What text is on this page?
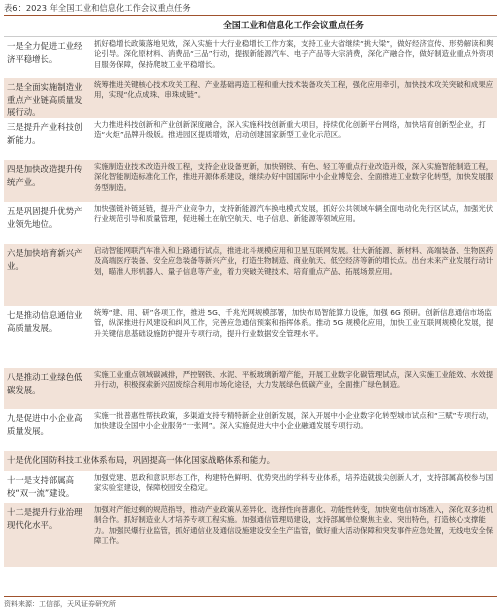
表6：2023 年全国工业和信息化工作会议重点任务
全国工业和信息化工作会议重点任务
一是全力促进工业经济平稳增长。
抓好稳增长政策落地见效，深入实施十大行业稳增长工作方案，支持工业大省继续“挑大梁”，做好经济宣传、形势解读和舆论引导。深化原材料、消费品“三品”行动，提振新能源汽车、电子产品等大宗消费，深化产融合作，做好制造业重点外资项目服务保障，保持爬坡工业平稳增长。
二是全面实施制造业重点产业链高质量发展行动。
统筹推进关键核心技术攻关工程、产业基础再造工程和重大技术装备攻关工程，强化应用牵引，加快技术攻关突破和成果应用，实现“化点成珠、串珠成链”。
三是提升产业科技创新能力。
大力推进科技创新和产业创新深度融合，深入实施科技创新重大项目，持续优化创新平台网络，加快培育创新型企业，打造“火炬”品牌升级版。推进园区提质增效，启动创建国家新型工业化示范区。
四是加快改造提升传统产业。
实施制造业技术改造升级工程，支持企业设备更新，加快钢铁、有色、轻工等重点行业改造升级，深入实施智能制造工程，深化智能制造标准化工作，推进开源体系建设，继续办好中国国际中小企业博览会、全面推进工业数字化转型，加快发展服务型制造。
五是巩固提升优势产业领先地位。
加快强链补链延链，提升产业竞争力，支持新能源汽车换电模式发展，抓好公共领域车辆全面电动化先行区试点，加强光伏行业规范引导和质量管理，促进稀土在航空航天、电子信息、新能源等领域应用。
六是加快培育新兴产业。
启动智能网联汽车准入和上路通行试点，推进北斗规模应用和卫星互联网发展。壮大新能源、新材料、高端装备、生物医药及高端医疗装备、安全应急装备等新兴产业，打造生物制造、商业航天、低空经济等新的增长点。出台未来产业发展行动计划，瞄准人形机器人、量子信息等产业，着力突破关键技术、培育重点产品、拓展场景应用。
七是推动信息通信业高质量发展。
统筹“建、用、研”各项工作，推进 5G、千兆光网规模部署，加快布局智能算力设施，加强 6G 预研。创新信息通信市场监管，纵深推进行风建设和纠风工作，完善应急通信预案和指挥体系。推动 5G 规模化应用，加快工业互联网规模化发展，提升关键信息基础设施防护提升专项行动，提升行业数据安全管理水平。
八是推动工业绿色低碳发展。
实施工业重点领域碳减排，严控钢铁、水泥、平板玻璃新增产能，开展工业数字化碳管理试点，深入实施工业能效、水效提升行动，积极探索新兴固废综合利用市场化途径，大力发展绿色低碳产业，全面推广绿色制造。
九是促进中小企业高质量发展。
实施一批普惠性帮扶政策，多渠道支持专精特新企业创新发展，深入开展中小企业数字化转型城市试点和“三赋”专项行动，加快建设全国中小企业服务“一张网”。深入实施促进大中小企业融通发展专项行动。
十是优化国防科技工业体系布局，巩固提高一体化国家战略体系和能力。
十一是支持部属高校“双一流”建设。
加强党建、思政和意识形态工作，构建特色鲜明、优势突出的学科专业体系，培养造就拔尖创新人才，支持部属高校参与国家实验室建设，保障校园安全稳定。
十二是提升行业治理现代化水平。
加强对产能过剩的规范指导，推动产业政策从差异化、选择性向普惠化、功能性转变，加快宽电信市场准入，深化双多边机制合作。抓好制造业人才培养专项工程实施。加强通信管理局建设，支持部属单位聚焦主业、突出特色，打造核心支撑能力。加强民爆行业监管，抓好通信业及通信设施建设安全生产监管，做好重大活动保障和突发事件应急处置，无线电安全保障工作。
资料来源：工信部，天风证券研究所
